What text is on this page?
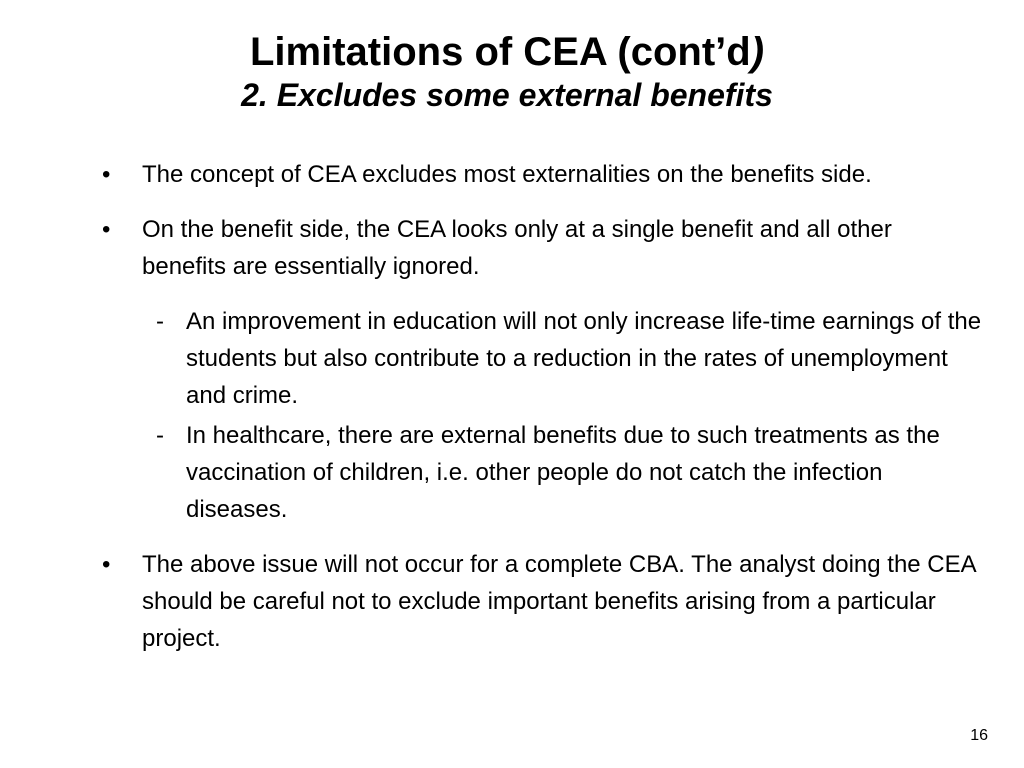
Limitations of CEA (cont’d)
2. Excludes some external benefits
• The concept of CEA excludes most externalities on the benefits side.
• On the benefit side, the CEA looks only at a single benefit and all other benefits are essentially ignored.
- An improvement in education will not only increase life-time earnings of the students but also contribute to a reduction in the rates of unemployment and crime.
- In healthcare, there are external benefits due to such treatments as the vaccination of children, i.e. other people do not catch the infection diseases.
• The above issue will not occur for a complete CBA. The analyst doing the CEA should be careful not to exclude important benefits arising from a particular project.
16
